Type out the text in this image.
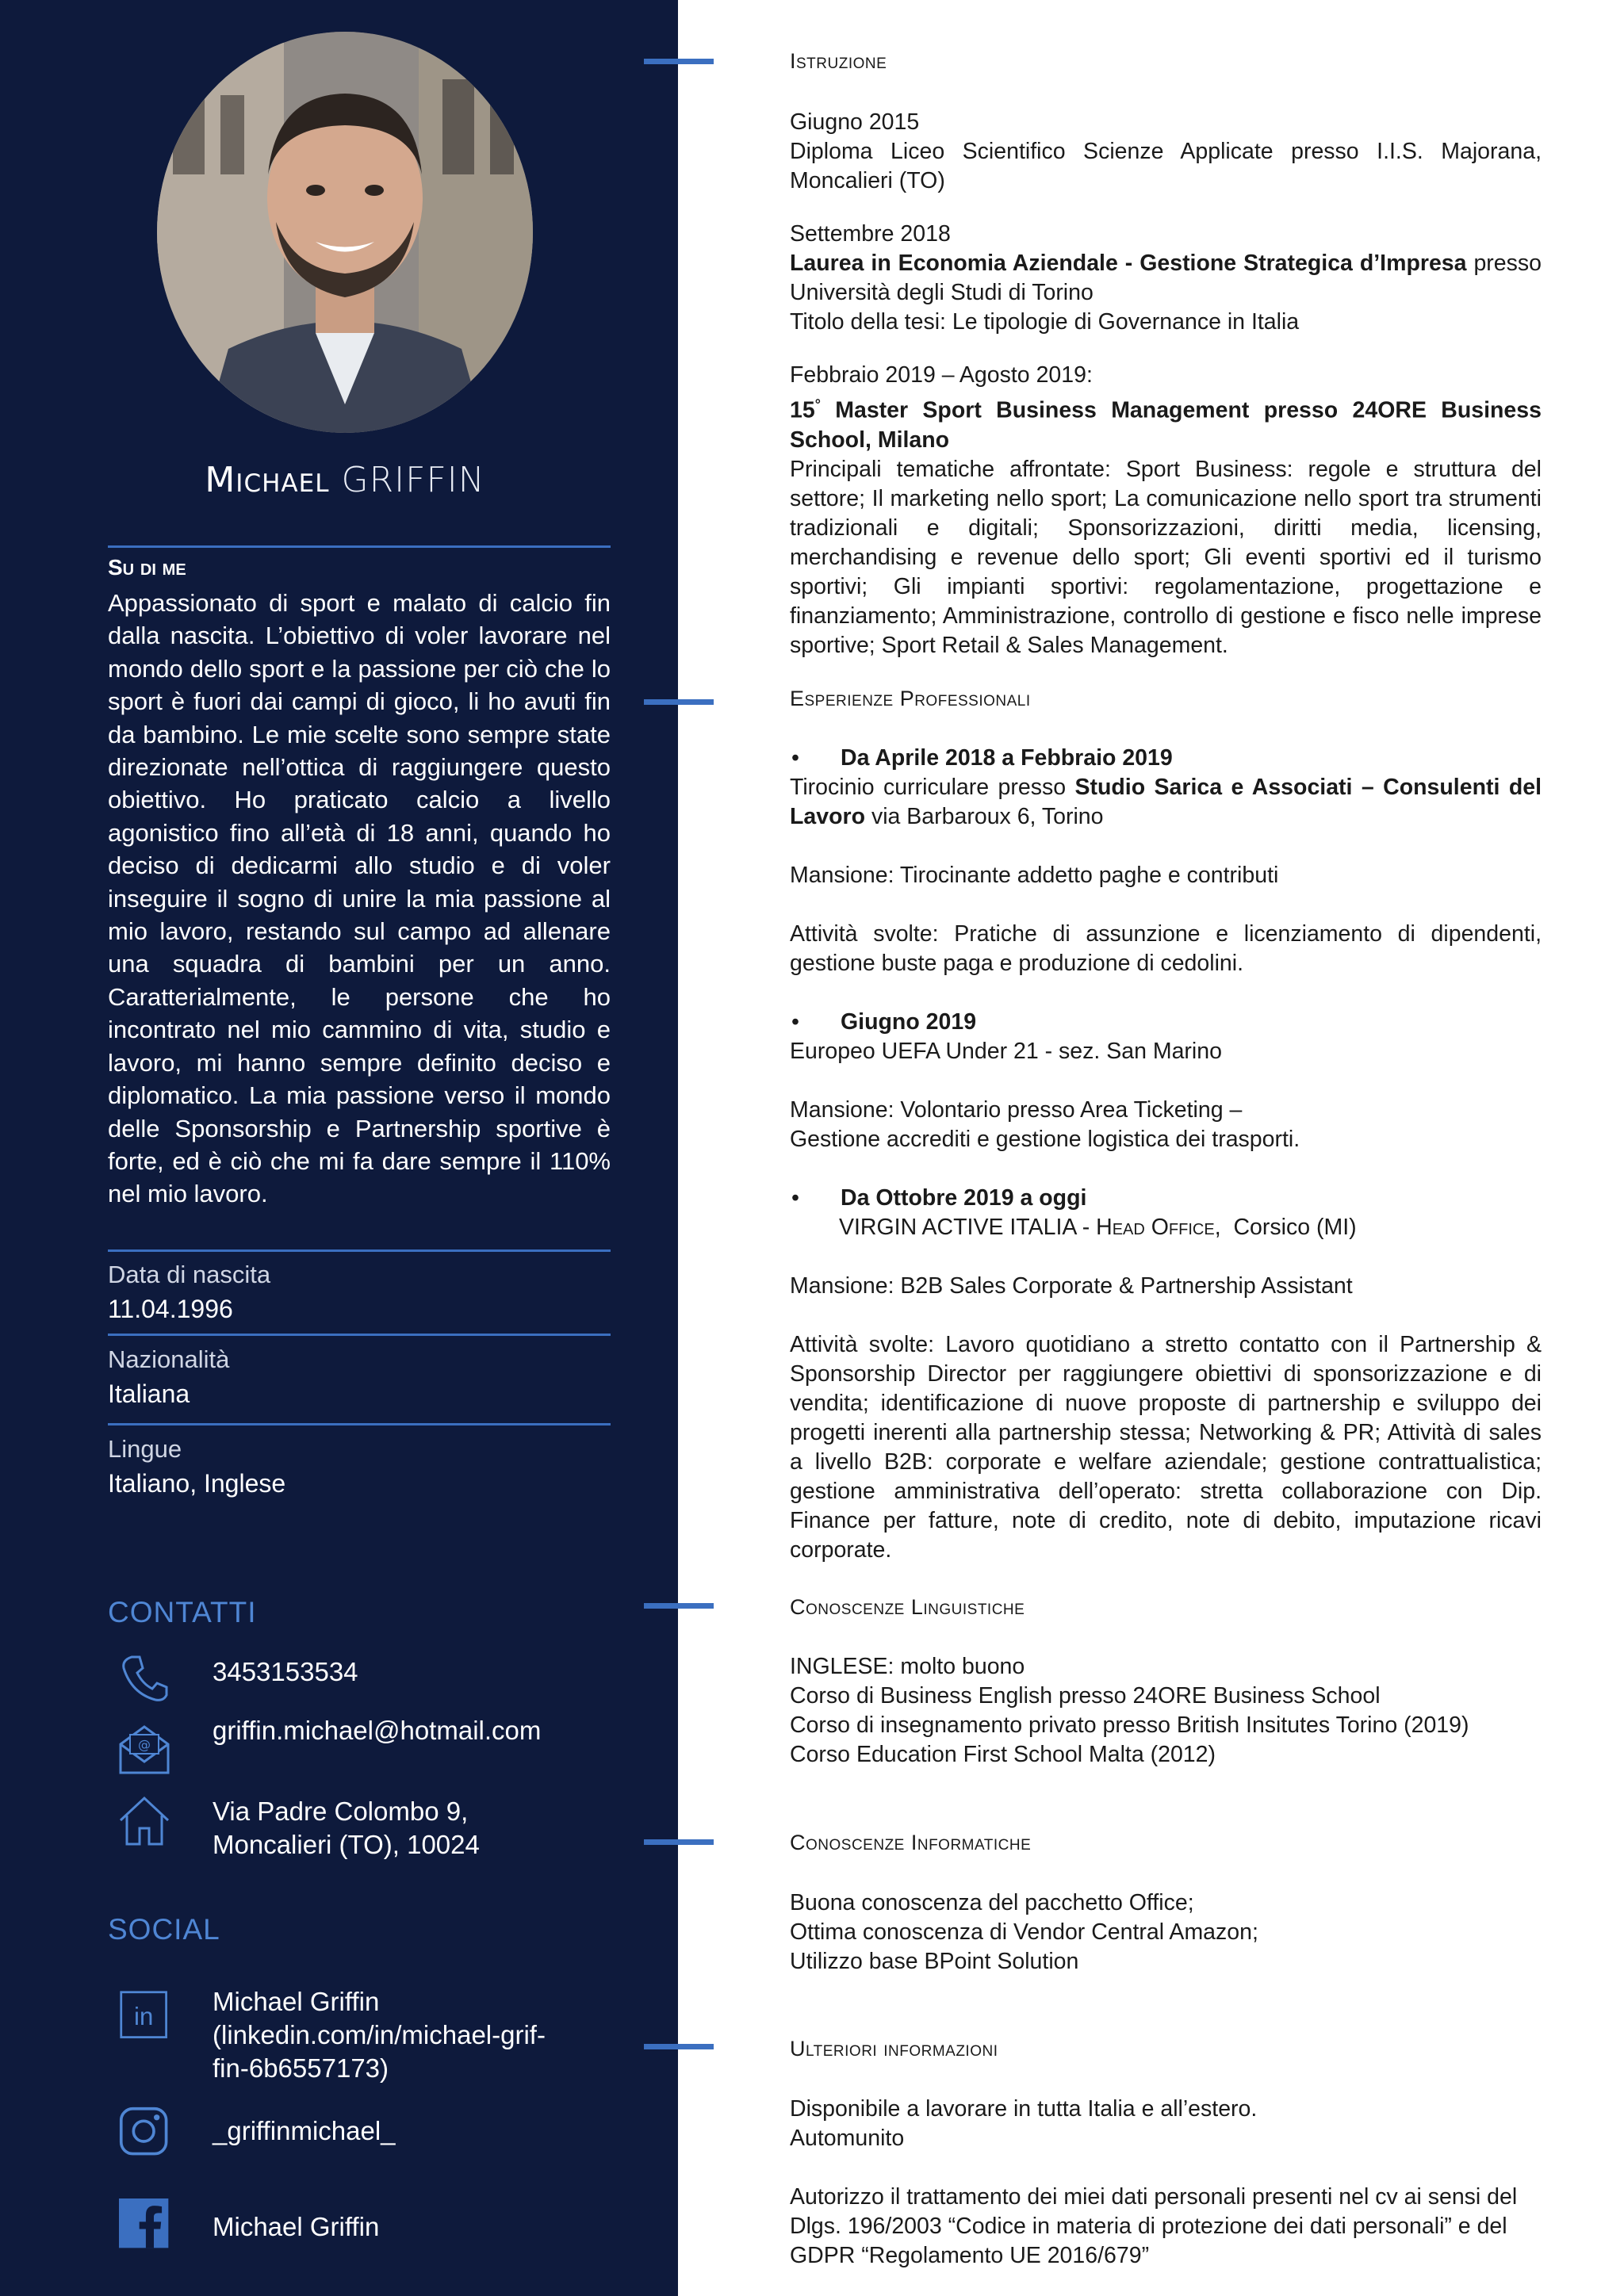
Michael GRIFFIN
Su di me
Appassionato di sport e malato di calcio fin dalla nascita. L’obiettivo di voler lavorare nel mondo dello sport e la passione per ciò che lo sport è fuori dai campi di gioco, li ho avuti fin da bambino. Le mie scelte sono sempre state direzionate nell’ottica di raggiungere questo obiettivo. Ho praticato calcio a livello agonistico fino all’età di 18 anni, quando ho deciso di dedicarmi allo studio e di voler inseguire il sogno di unire la mia passione al mio lavoro, restando sul campo ad allenare una squadra di bambini per un anno. Caratterialmente, le persone che ho incontrato nel mio cammino di vita, studio e lavoro, mi hanno sempre definito deciso e diplomatico. La mia passione verso il mondo delle Sponsorship e Partnership sportive è forte, ed è ciò che mi fa dare sempre il 110% nel mio lavoro.
Data di nascita
11.04.1996
Nazionalità
Italiana
Lingue
Italiano, Inglese
CONTATTI
3453153534
@ griffin.michael@hotmail.com
Via Padre Colombo 9,
Moncalieri (TO), 10024
SOCIAL
in
Michael Griffin
(linkedin.com/in/michael-grif-
fin-6b6557173)
_griffinmichael_
Michael Griffin
Istruzione

Giugno 2015

Diploma Liceo Scientifico Scienze Applicate presso I.I.S. Majorana, Moncalieri (TO)

Settembre 2018

Laurea in Economia Aziendale - Gestione Strategica d’Impresa presso Università degli Studi di Torino

Titolo della tesi: Le tipologie di Governance in Italia

Febbraio 2019 – Agosto 2019:

15° Master Sport Business Management presso 24ORE Business School, Milano

Principali tematiche affrontate: Sport Business: regole e struttura del settore; Il marketing nello sport; La comunicazione nello sport tra strumenti tradizionali e digitali; Sponsorizzazioni, diritti media, licensing, merchandising e revenue dello sport; Gli eventi sportivi ed il turismo sportivi; Gli impianti sportivi: regolamentazione, progettazione e finanziamento; Amministrazione, controllo di gestione e fisco nelle imprese sportive; Sport Retail & Sales Management.

Esperienze Professionali
•	Da Aprile 2018 a Febbraio 2019

Tirocinio curriculare presso Studio Sarica e Associati – Consulenti del Lavoro via Barbaroux 6, Torino

Mansione: Tirocinante addetto paghe e contributi

Attività svolte: Pratiche di assunzione e licenziamento di dipendenti, gestione buste paga e produzione di cedolini.

•	Giugno 2019

Europeo UEFA Under 21 - sez. San Marino

Mansione: Volontario presso Area Ticketing –

Gestione accrediti e gestione logistica dei trasporti.

•	Da Ottobre 2019 a oggi

VIRGIN ACTIVE ITALIA - Head Office,  Corsico (MI)

Mansione: B2B Sales Corporate & Partnership Assistant

Attività svolte: Lavoro quotidiano a stretto contatto con il Partnership & Sponsorship Director per raggiungere obiettivi di sponsorizzazione e di vendita; identificazione di nuove proposte di partnership e sviluppo dei progetti inerenti alla partnership stessa; Networking & PR; Attività di sales a livello B2B: corporate e welfare aziendale; gestione contrattualistica; gestione amministrativa dell’operato: stretta collaborazione con Dip. Finance per fatture, note di credito, note di debito, imputazione ricavi corporate.

Conoscenze Linguistiche

INGLESE: molto buono

Corso di Business English presso 24ORE Business School

Corso di insegnamento privato presso British Insitutes Torino (2019)

Corso Education First School Malta (2012)

Conoscenze Informatiche

Buona conoscenza del pacchetto Office;

Ottima conoscenza di Vendor Central Amazon;

Utilizzo base BPoint Solution

Ulteriori informazioni

Disponibile a lavorare in tutta Italia e all’estero.

Automunito

Autorizzo il trattamento dei miei dati personali presenti nel cv ai sensi del Dlgs. 196/2003 “Codice in materia di protezione dei dati personali” e del GDPR “Regolamento UE 2016/679”
